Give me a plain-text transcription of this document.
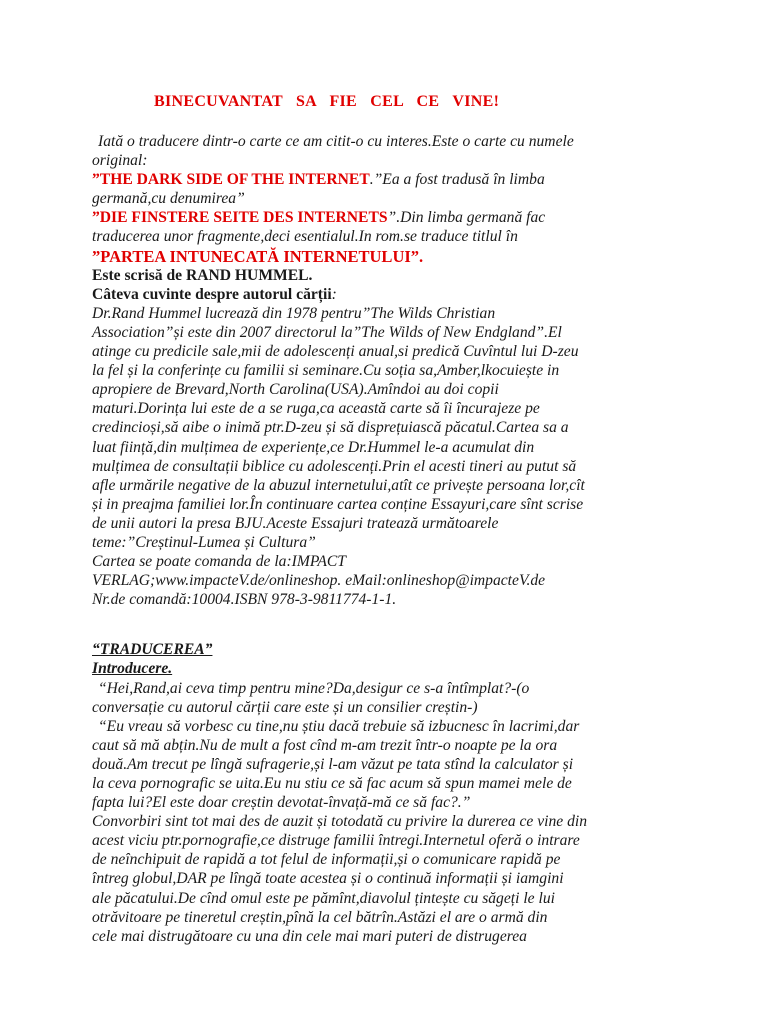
BINECUVANTAT SA FIE CEL CE VINE!
Iată o traducere dintr-o carte ce am citit-o cu interes.Este o carte cu numele
original:
”THE DARK SIDE OF THE INTERNET.”Ea a fost tradusă în limba
germană,cu denumirea”
”DIE FINSTERE SEITE DES INTERNETS”.Din limba germană fac
traducerea unor fragmente,deci esentialul.In rom.se traduce titlul în
”PARTEA INTUNECATĂ INTERNETULUI”.
Este scrisă de RAND HUMMEL.
Câteva cuvinte despre autorul cărții:
Dr.Rand Hummel lucrează din 1978 pentru”The Wilds Christian
Association”și este din 2007 directorul la”The Wilds of New Endgland”.El
atinge cu predicile sale,mii de adolescenți anual,si predică Cuvîntul lui D-zeu
la fel și la conferințe cu familii si seminare.Cu soția sa,Amber,lkocuiește in
apropiere de Brevard,North Carolina(USA).Amîndoi au doi copii
maturi.Dorința lui este de a se ruga,ca această carte să îi încurajeze pe
credincioși,să aibe o inimă ptr.D-zeu și să disprețuiască păcatul.Cartea sa a
luat ființă,din mulțimea de experiențe,ce Dr.Hummel le-a acumulat din
mulțimea de consultații biblice cu adolescenți.Prin el acesti tineri au putut să
afle urmările negative de la abuzul internetului,atît ce privește persoana lor,cît
și in preajma familiei lor.În continuare cartea conține Essayuri,care sînt scrise
de unii autori la presa BJU.Aceste Essajuri tratează următoarele
teme:”Creștinul-Lumea și Cultura”
Cartea se poate comanda de la:IMPACT
VERLAG;www.impacteV.de/onlineshop. eMail:onlineshop@impacteV.de
Nr.de comandă:10004.ISBN 978-3-9811774-1-1.
“TRADUCEREA”
Introducere.
“Hei,Rand,ai ceva timp pentru mine?Da,desigur ce s-a întîmplat?-(o
conversație cu autorul cărții care este și un consilier creștin-)
“Eu vreau să vorbesc cu tine,nu știu dacă trebuie să izbucnesc în lacrimi,dar
caut să mă abțin.Nu de mult a fost cînd m-am trezit într-o noapte pe la ora
două.Am trecut pe lîngă sufragerie,și l-am văzut pe tata stînd la calculator și
la ceva pornografic se uita.Eu nu stiu ce să fac acum să spun mamei mele de
fapta lui?El este doar creștin devotat-învață-mă ce să fac?.”
Convorbiri sint tot mai des de auzit și totodată cu privire la durerea ce vine din
acest viciu ptr.pornografie,ce distruge familii întregi.Internetul oferă o intrare
de neînchipuit de rapidă a tot felul de informații,și o comunicare rapidă pe
întreg globul,DAR pe lîngă toate acestea și o continuă informații și iamgini
ale păcatului.De cînd omul este pe pămînt,diavolul țintește cu săgeți le lui
otrăvitoare pe tineretul creștin,pînă la cel bătrîn.Astăzi el are o armă din
cele mai distrugătoare cu una din cele mai mari puteri de distrugerea
